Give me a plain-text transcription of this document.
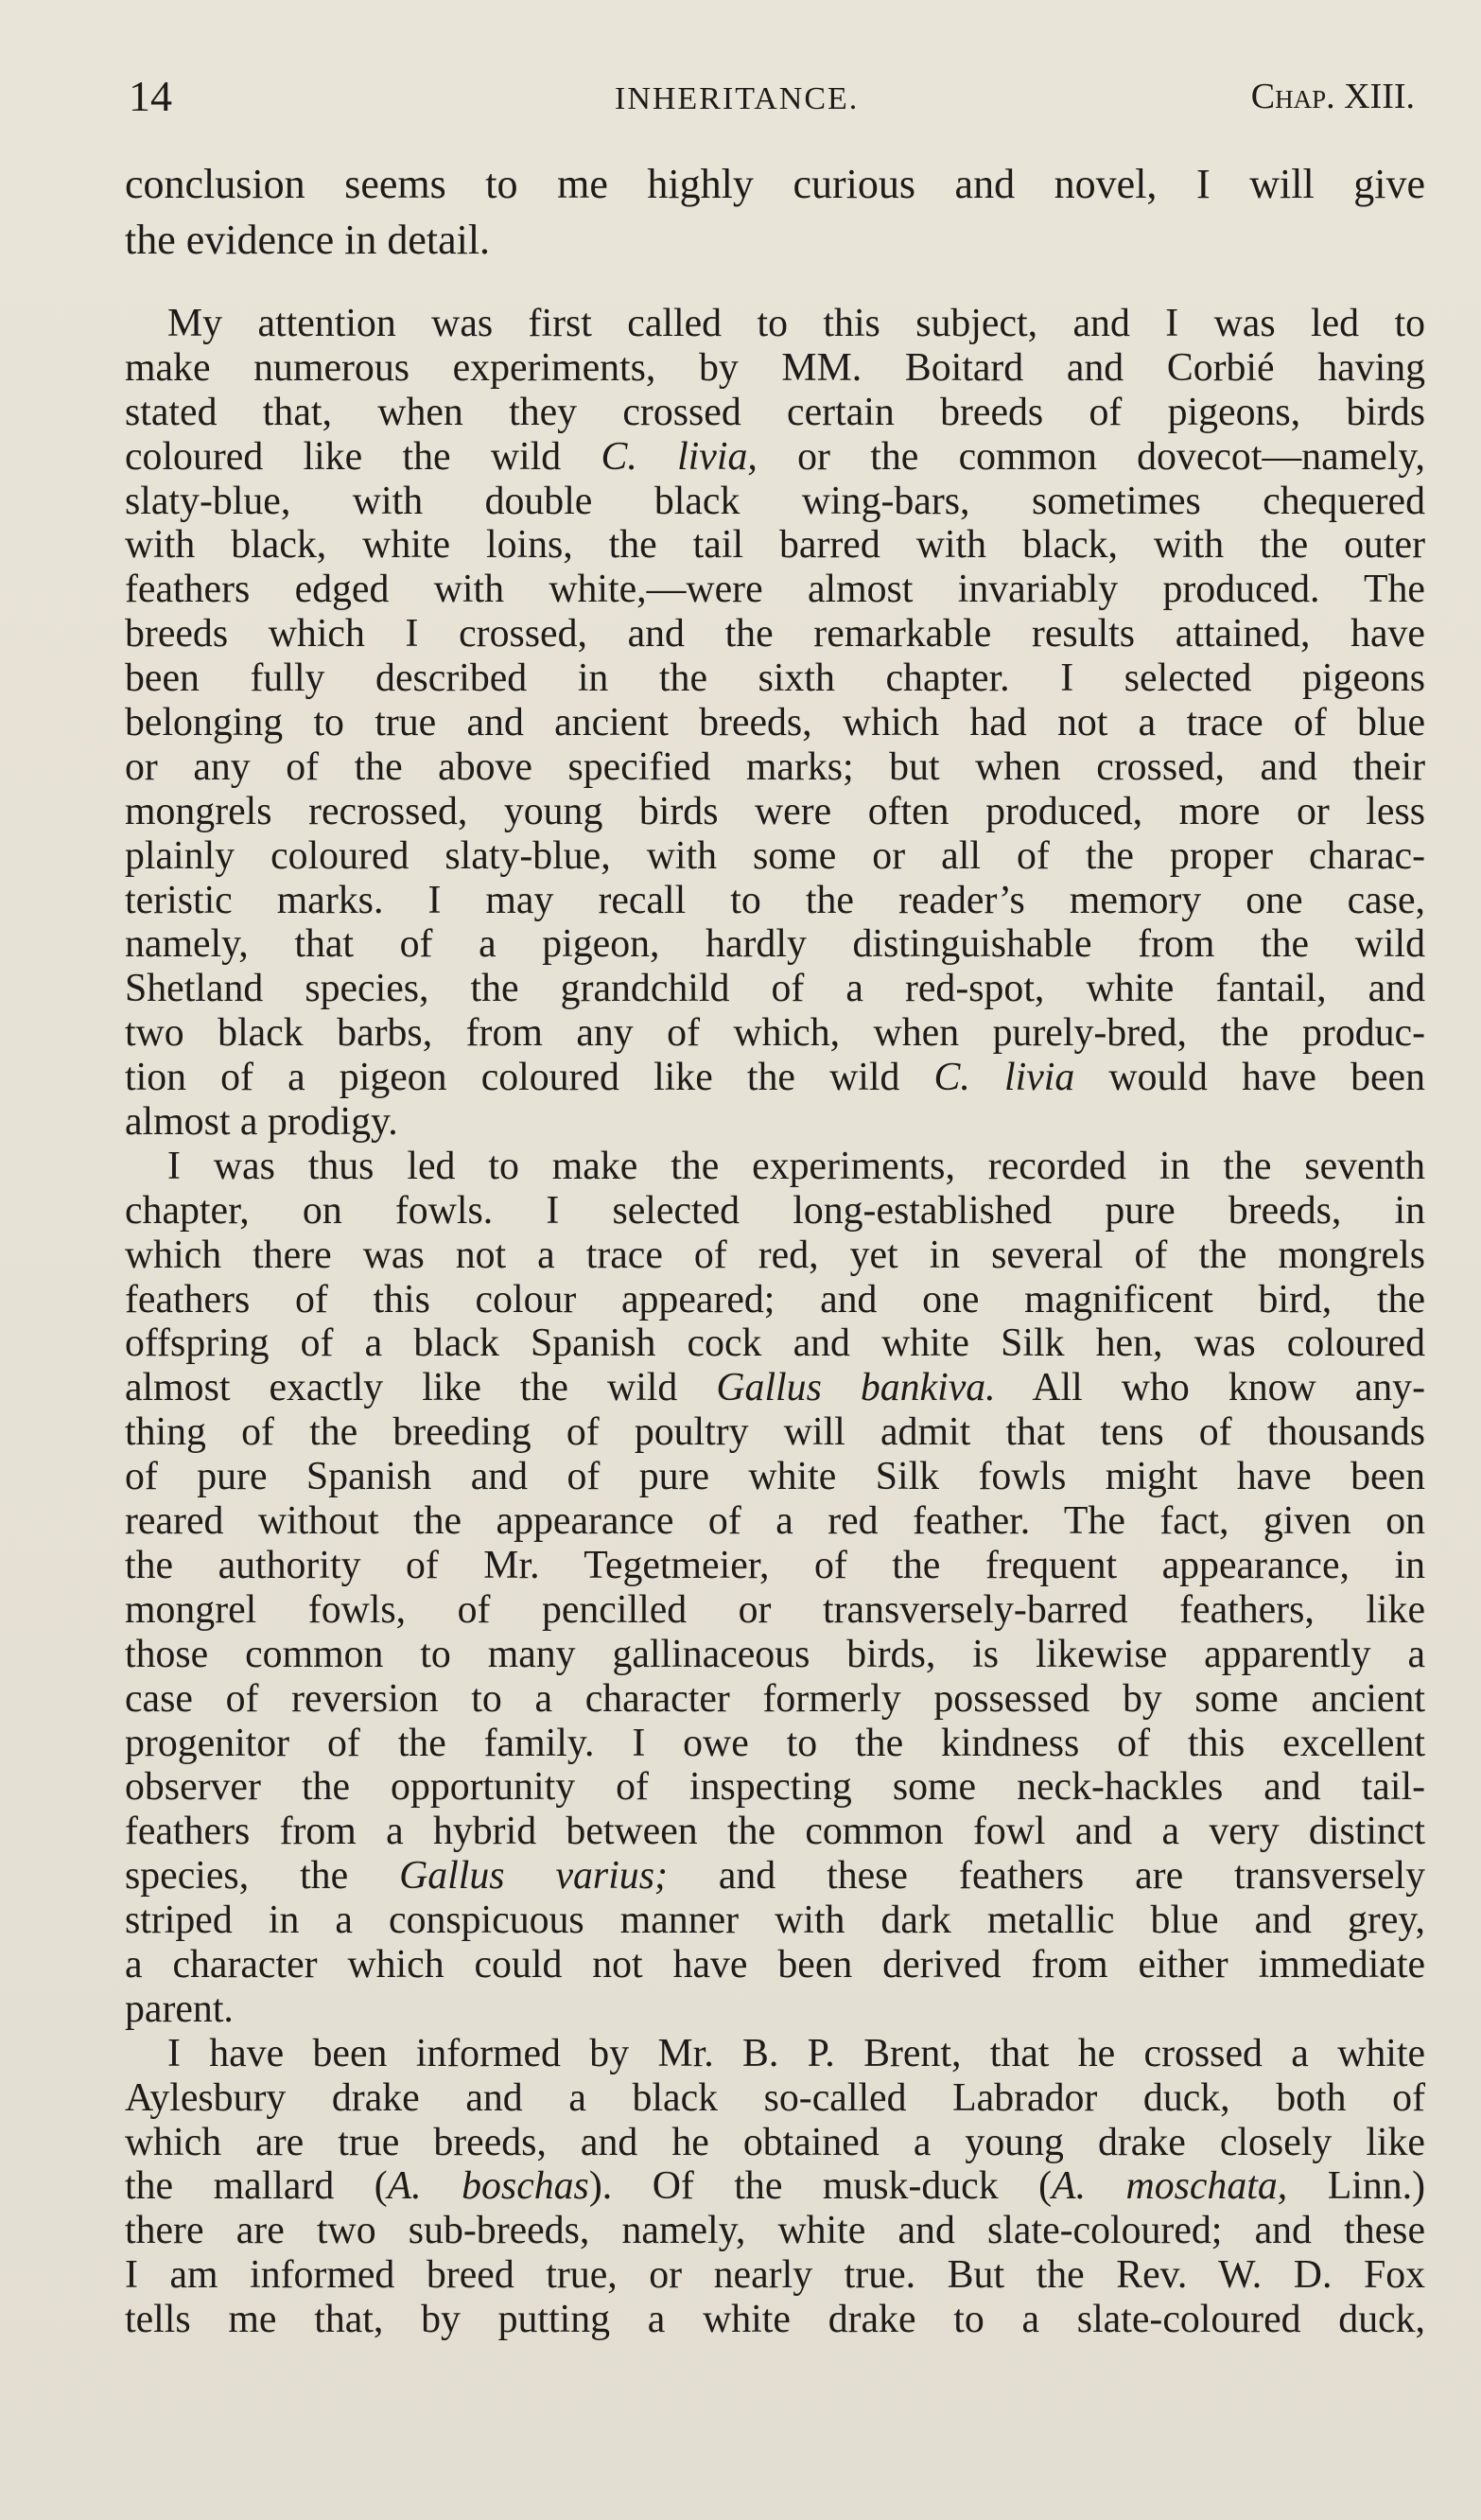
14	INHERITANCE.	Chap. XIII.
conclusion seems to me highly curious and novel, I will give
the evidence in detail.
My attention was first called to this subject, and I was led to
make numerous experiments, by MM. Boitard and Corbié having
stated that, when they crossed certain breeds of pigeons, birds
coloured like the wild C. livia, or the common dovecot—namely,
slaty-blue, with double black wing-bars, sometimes chequered
with black, white loins, the tail barred with black, with the outer
feathers edged with white,—were almost invariably produced. The
breeds which I crossed, and the remarkable results attained, have
been fully described in the sixth chapter. I selected pigeons
belonging to true and ancient breeds, which had not a trace of blue
or any of the above specified marks; but when crossed, and their
mongrels recrossed, young birds were often produced, more or less
plainly coloured slaty-blue, with some or all of the proper charac-
teristic marks. I may recall to the reader’s memory one case,
namely, that of a pigeon, hardly distinguishable from the wild
Shetland species, the grandchild of a red-spot, white fantail, and
two black barbs, from any of which, when purely-bred, the produc-
tion of a pigeon coloured like the wild C. livia would have been
almost a prodigy.
I was thus led to make the experiments, recorded in the seventh
chapter, on fowls. I selected long-established pure breeds, in
which there was not a trace of red, yet in several of the mongrels
feathers of this colour appeared; and one magnificent bird, the
offspring of a black Spanish cock and white Silk hen, was coloured
almost exactly like the wild Gallus bankiva. All who know any-
thing of the breeding of poultry will admit that tens of thousands
of pure Spanish and of pure white Silk fowls might have been
reared without the appearance of a red feather. The fact, given on
the authority of Mr. Tegetmeier, of the frequent appearance, in
mongrel fowls, of pencilled or transversely-barred feathers, like
those common to many gallinaceous birds, is likewise apparently a
case of reversion to a character formerly possessed by some ancient
progenitor of the family. I owe to the kindness of this excellent
observer the opportunity of inspecting some neck-hackles and tail-
feathers from a hybrid between the common fowl and a very distinct
species, the Gallus varius; and these feathers are transversely
striped in a conspicuous manner with dark metallic blue and grey,
a character which could not have been derived from either immediate
parent.
I have been informed by Mr. B. P. Brent, that he crossed a white
Aylesbury drake and a black so-called Labrador duck, both of
which are true breeds, and he obtained a young drake closely like
the mallard (A. boschas). Of the musk-duck (A. moschata, Linn.)
there are two sub-breeds, namely, white and slate-coloured; and these
I am informed breed true, or nearly true. But the Rev. W. D. Fox
tells me that, by putting a white drake to a slate-coloured duck,
